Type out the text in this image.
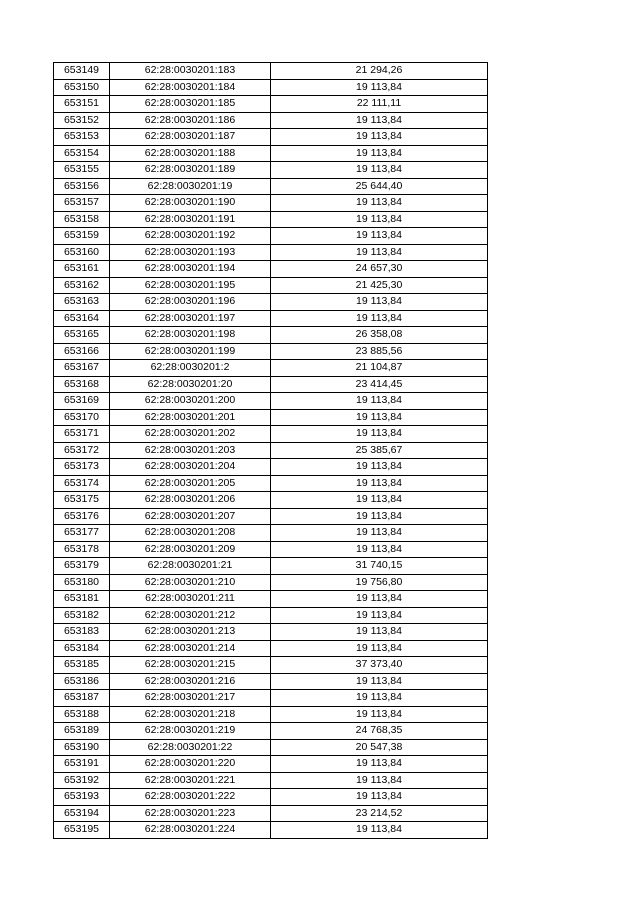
653149	62:28:0030201:183	21 294,26
653150	62:28:0030201:184	19 113,84
653151	62:28:0030201:185	22 111,11
653152	62:28:0030201:186	19 113,84
653153	62:28:0030201:187	19 113,84
653154	62:28:0030201:188	19 113,84
653155	62:28:0030201:189	19 113,84
653156	62:28:0030201:19	25 644,40
653157	62:28:0030201:190	19 113,84
653158	62:28:0030201:191	19 113,84
653159	62:28:0030201:192	19 113,84
653160	62:28:0030201:193	19 113,84
653161	62:28:0030201:194	24 657,30
653162	62:28:0030201:195	21 425,30
653163	62:28:0030201:196	19 113,84
653164	62:28:0030201:197	19 113,84
653165	62:28:0030201:198	26 358,08
653166	62:28:0030201:199	23 885,56
653167	62:28:0030201:2	21 104,87
653168	62:28:0030201:20	23 414,45
653169	62:28:0030201:200	19 113,84
653170	62:28:0030201:201	19 113,84
653171	62:28:0030201:202	19 113,84
653172	62:28:0030201:203	25 385,67
653173	62:28:0030201:204	19 113,84
653174	62:28:0030201:205	19 113,84
653175	62:28:0030201:206	19 113,84
653176	62:28:0030201:207	19 113,84
653177	62:28:0030201:208	19 113,84
653178	62:28:0030201:209	19 113,84
653179	62:28:0030201:21	31 740,15
653180	62:28:0030201:210	19 756,80
653181	62:28:0030201:211	19 113,84
653182	62:28:0030201:212	19 113,84
653183	62:28:0030201:213	19 113,84
653184	62:28:0030201:214	19 113,84
653185	62:28:0030201:215	37 373,40
653186	62:28:0030201:216	19 113,84
653187	62:28:0030201:217	19 113,84
653188	62:28:0030201:218	19 113,84
653189	62:28:0030201:219	24 768,35
653190	62:28:0030201:22	20 547,38
653191	62:28:0030201:220	19 113,84
653192	62:28:0030201:221	19 113,84
653193	62:28:0030201:222	19 113,84
653194	62:28:0030201:223	23 214,52
653195	62:28:0030201:224	19 113,84
